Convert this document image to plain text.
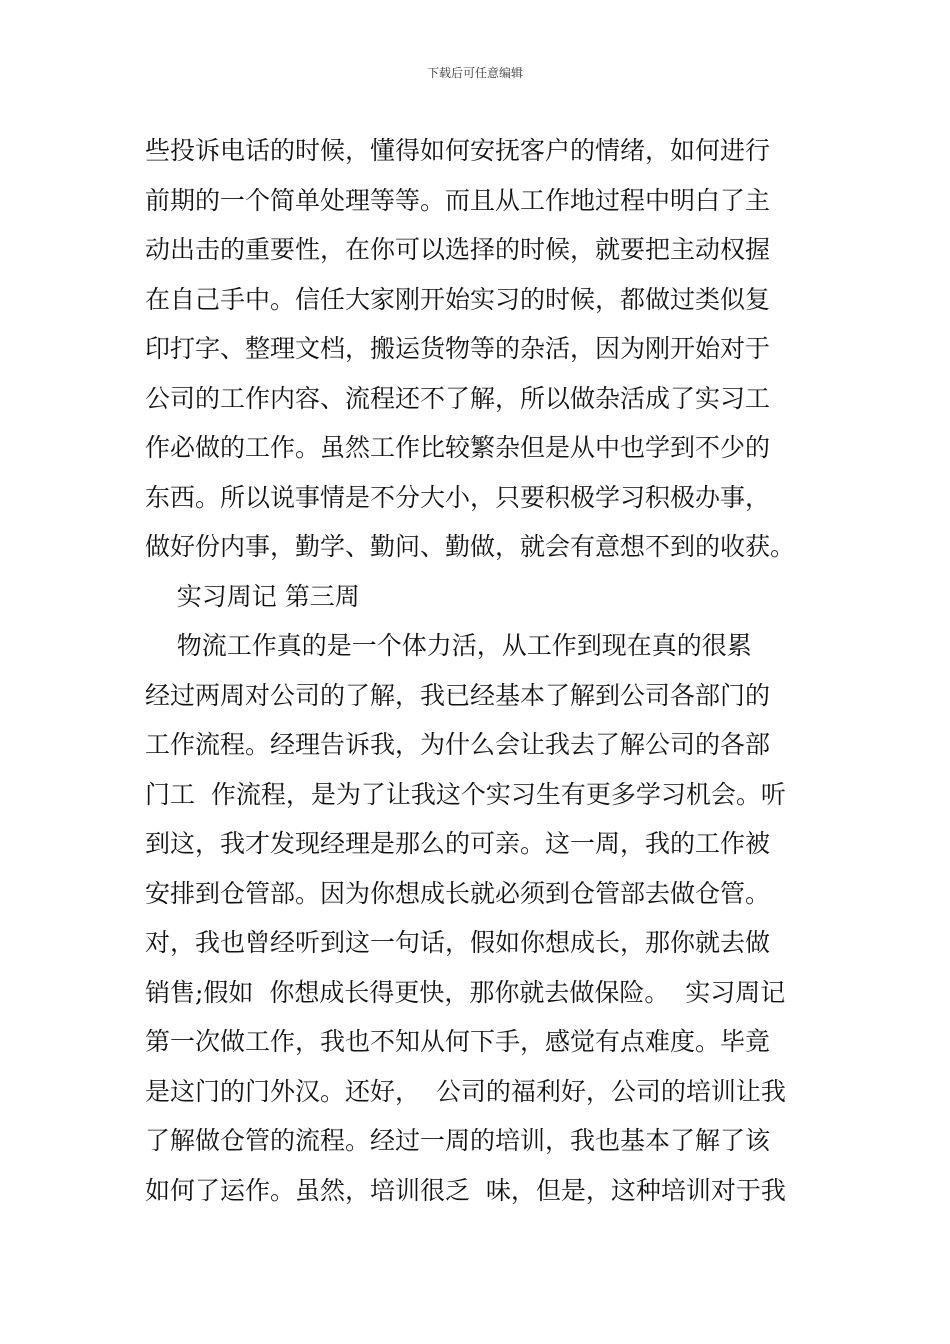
下载后可任意编辑
些投诉电话的时候，懂得如何安抚客户的情绪，如何进行
前期的一个简单处理等等。而且从工作地过程中明白了主
动出击的重要性，在你可以选择的时候，就要把主动权握
在自己手中。信任大家刚开始实习的时候，都做过类似复
印打字、整理文档，搬运货物等的杂活，因为刚开始对于
公司的工作内容、流程还不了解，所以做杂活成了实习工
作必做的工作。虽然工作比较繁杂但是从中也学到不少的
东西。所以说事情是不分大小，只要积极学习积极办事，
做好份内事，勤学、勤问、勤做，就会有意想不到的收获。
实习周记 第三周
物流工作真的是一个体力活，从工作到现在真的很累
经过两周对公司的了解，我已经基本了解到公司各部门的
工作流程。经理告诉我，为什么会让我去了解公司的各部
门工  作流程，是为了让我这个实习生有更多学习机会。听
到这，我才发现经理是那么的可亲。这一周，我的工作被
安排到仓管部。因为你想成长就必须到仓管部去做仓管。
对，我也曾经听到这一句话，假如你想成长，那你就去做
销售;假如  你想成长得更快，那你就去做保险。  实习周记
第一次做工作，我也不知从何下手，感觉有点难度。毕竟
是这门的门外汉。还好，  公司的福利好，公司的培训让我
了解做仓管的流程。经过一周的培训，我也基本了解了该
如何了运作。虽然，培训很乏  味，但是，这种培训对于我
